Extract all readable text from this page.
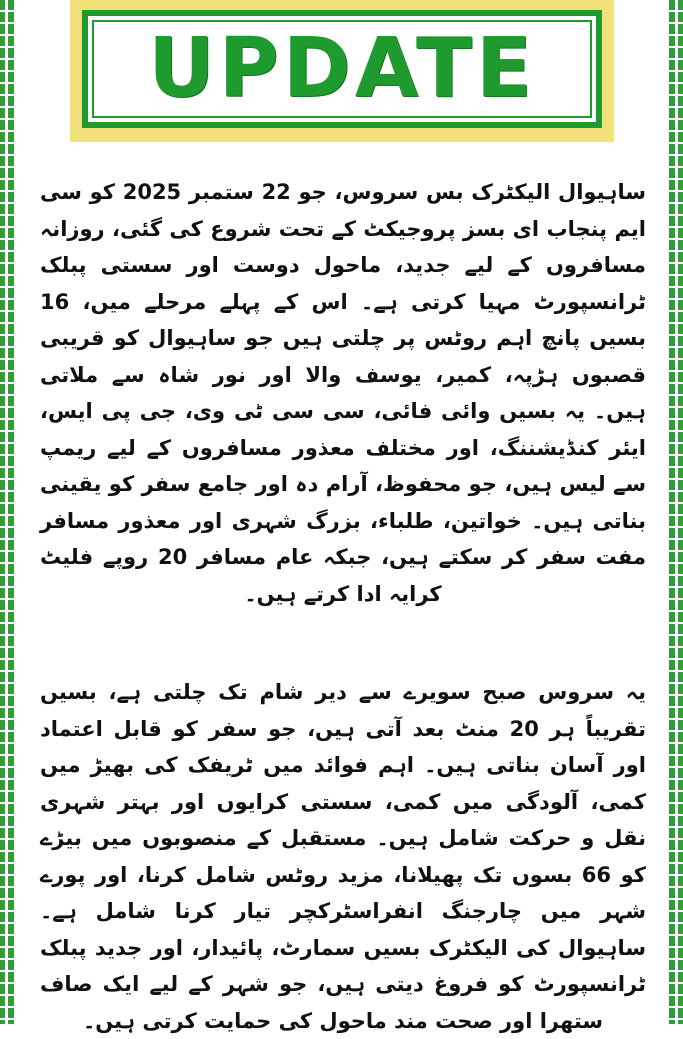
UPDATE

ساہیوال الیکٹرک بس سروس، جو 22 ستمبر 2025 کو سی ایم پنجاب ای بسز پروجیکٹ کے تحت شروع کی گئی، روزانہ مسافروں کے لیے جدید، ماحول دوست اور سستی پبلک ٹرانسپورٹ مہیا کرتی ہے۔ اس کے پہلے مرحلے میں، 16 بسیں پانچ اہم روٹس پر چلتی ہیں جو ساہیوال کو قریبی قصبوں ہڑپہ، کمیر، یوسف والا اور نور شاہ سے ملاتی ہیں۔ یہ بسیں وائی فائی، سی سی ٹی وی، جی پی ایس، ایئر کنڈیشننگ، اور مختلف معذور مسافروں کے لیے ریمپ سے لیس ہیں، جو محفوظ، آرام دہ اور جامع سفر کو یقینی بناتی ہیں۔ خواتین، طلباء، بزرگ شہری اور معذور مسافر مفت سفر کر سکتے ہیں، جبکہ عام مسافر 20 روپے فلیٹ کرایہ ادا کرتے ہیں۔

یہ سروس صبح سویرے سے دیر شام تک چلتی ہے، بسیں تقریباً ہر 20 منٹ بعد آتی ہیں، جو سفر کو قابل اعتماد اور آسان بناتی ہیں۔ اہم فوائد میں ٹریفک کی بھیڑ میں کمی، آلودگی میں کمی، سستی کرایوں اور بہتر شہری نقل و حرکت شامل ہیں۔ مستقبل کے منصوبوں میں بیڑے کو 66 بسوں تک پھیلانا، مزید روٹس شامل کرنا، اور پورے شہر میں چارجنگ انفراسٹرکچر تیار کرنا شامل ہے۔ ساہیوال کی الیکٹرک بسیں سمارٹ، پائیدار، اور جدید پبلک ٹرانسپورٹ کو فروغ دیتی ہیں، جو شہر کے لیے ایک صاف ستھرا اور صحت مند ماحول کی حمایت کرتی ہیں۔
